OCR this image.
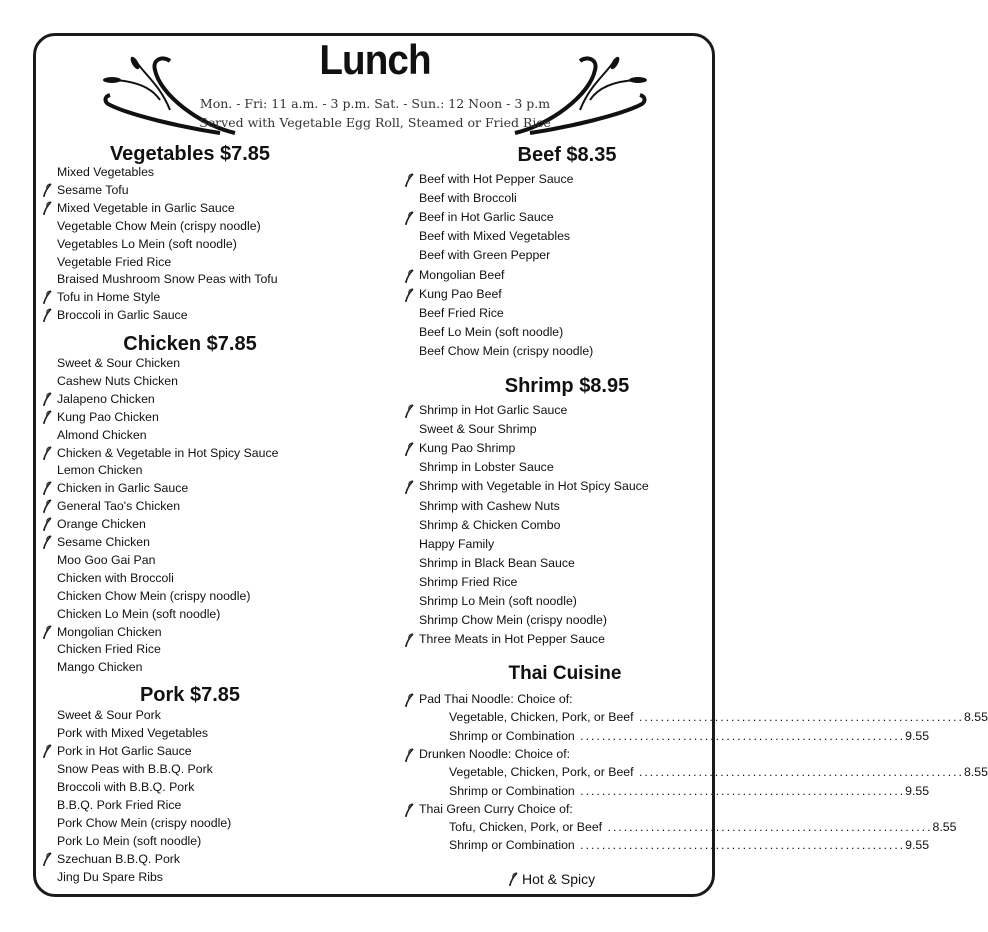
Lunch
Mon. - Fri: 11 a.m. - 3 p.m. Sat. - Sun.: 12 Noon - 3 p.m
Served with Vegetable Egg Roll, Steamed or Fried Rice
Vegetables $7.85
Mixed Vegetables
Sesame Tofu
Mixed Vegetable in Garlic Sauce
Vegetable Chow Mein (crispy noodle)
Vegetables Lo Mein (soft noodle)
Vegetable Fried Rice
Braised Mushroom Snow Peas with Tofu
Tofu in Home Style
Broccoli in Garlic Sauce
Chicken $7.85
Sweet & Sour Chicken
Cashew Nuts Chicken
Jalapeno Chicken
Kung Pao Chicken
Almond Chicken
Chicken & Vegetable in Hot Spicy Sauce
Lemon Chicken
Chicken in Garlic Sauce
General Tao's Chicken
Orange Chicken
Sesame Chicken
Moo Goo Gai Pan
Chicken with Broccoli
Chicken Chow Mein (crispy noodle)
Chicken Lo Mein (soft noodle)
Mongolian Chicken
Chicken Fried Rice
Mango Chicken
Pork $7.85
Sweet & Sour Pork
Pork with Mixed Vegetables
Pork in Hot Garlic Sauce
Snow Peas with B.B.Q. Pork
Broccoli with B.B.Q. Pork
B.B.Q. Pork Fried Rice
Pork Chow Mein (crispy noodle)
Pork Lo Mein (soft noodle)
Szechuan B.B.Q. Pork
Jing Du Spare Ribs
Beef $8.35
Beef with Hot Pepper Sauce
Beef with Broccoli
Beef in Hot Garlic Sauce
Beef with Mixed Vegetables
Beef with Green Pepper
Mongolian Beef
Kung Pao Beef
Beef Fried Rice
Beef Lo Mein (soft noodle)
Beef Chow Mein (crispy noodle)
Shrimp $8.95
Shrimp in Hot Garlic Sauce
Sweet & Sour Shrimp
Kung Pao Shrimp
Shrimp in Lobster Sauce
Shrimp with Vegetable in Hot Spicy Sauce
Shrimp with Cashew Nuts
Shrimp & Chicken Combo
Happy Family
Shrimp in Black Bean Sauce
Shrimp Fried Rice
Shrimp Lo Mein (soft noodle)
Shrimp Chow Mein (crispy noodle)
Three Meats in Hot Pepper Sauce
Thai Cuisine
Pad Thai Noodle: Choice of:
Vegetable, Chicken, Pork, or Beef ............................................................ 8.55
Shrimp or Combination ............................................................ 9.55
Drunken Noodle: Choice of:
Vegetable, Chicken, Pork, or Beef ............................................................ 8.55
Shrimp or Combination ............................................................ 9.55
Thai Green Curry Choice of:
Tofu, Chicken, Pork, or Beef ............................................................ 8.55
Shrimp or Combination ............................................................ 9.55
Hot & Spicy
